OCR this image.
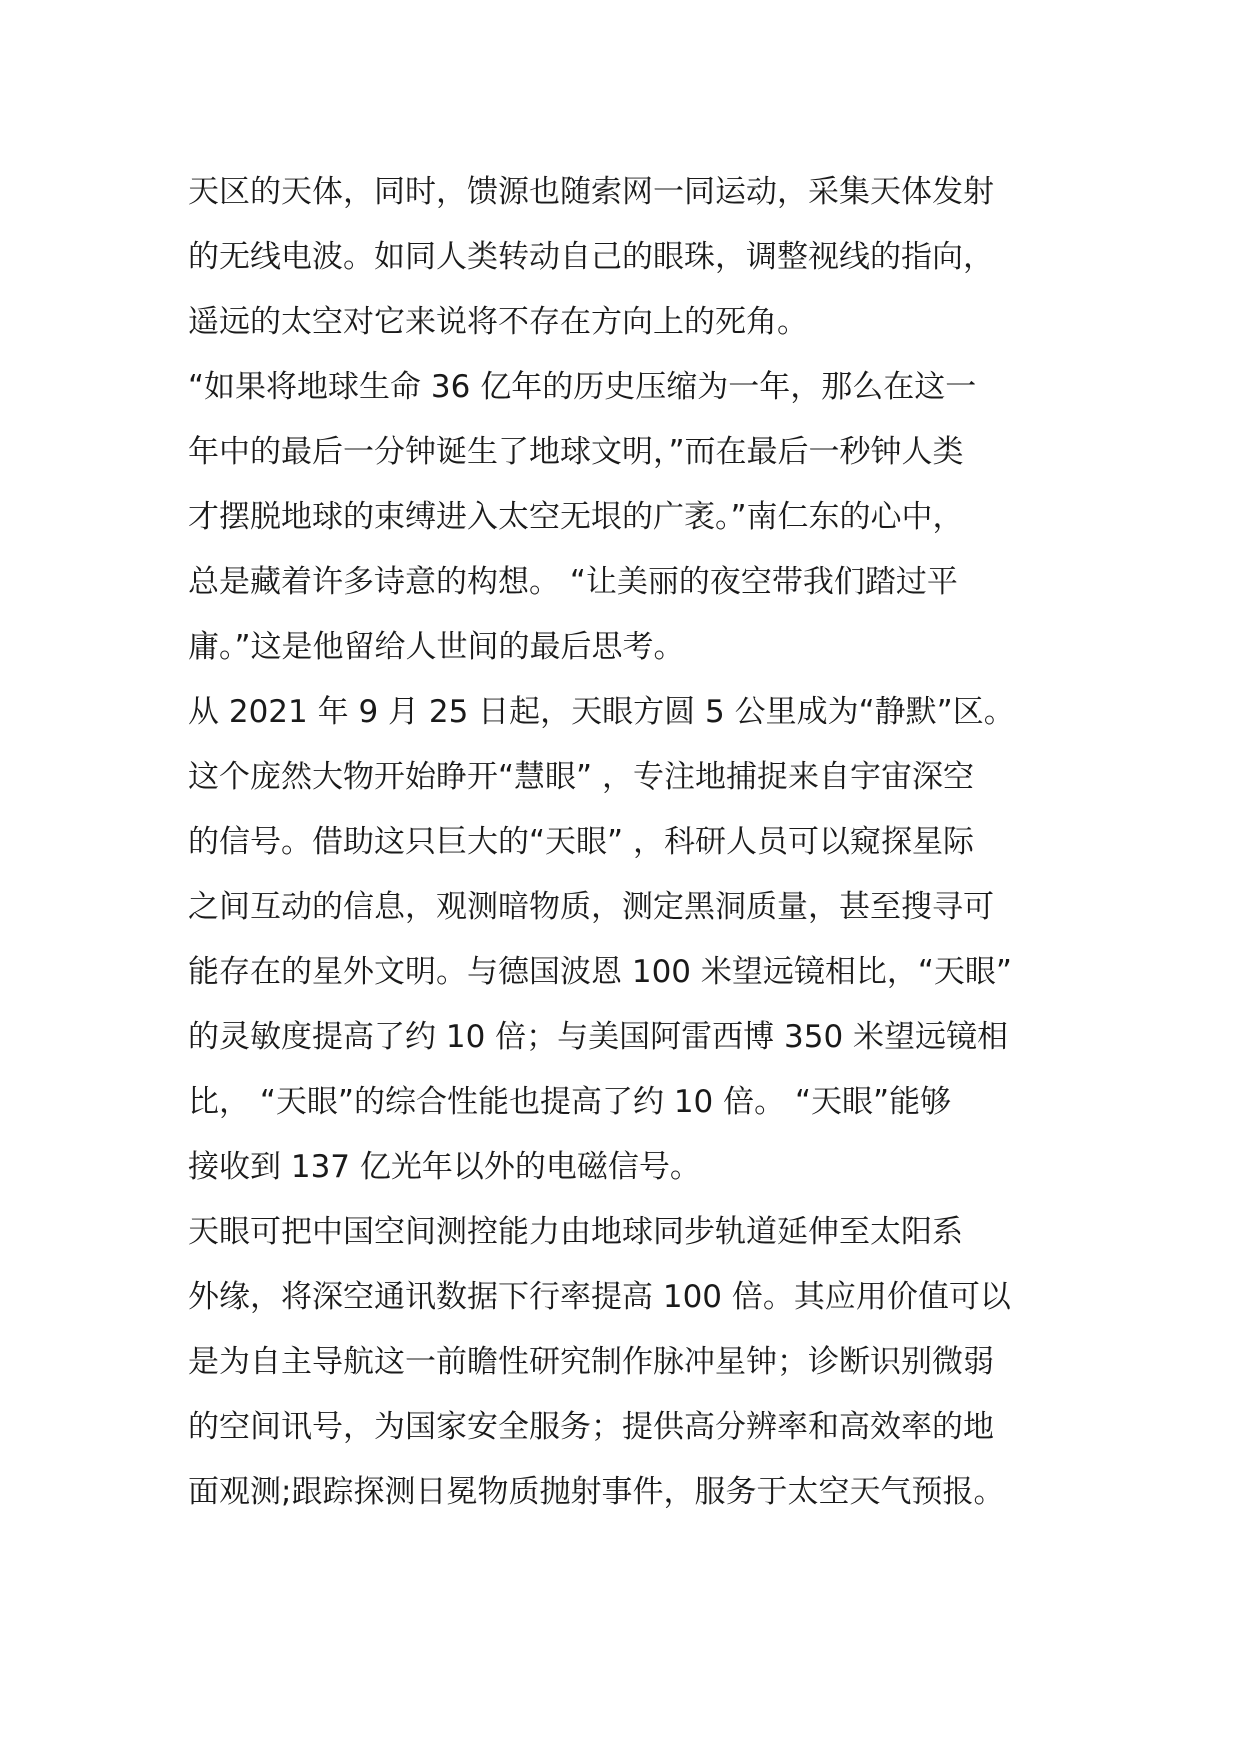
天区的天体，同时，馈源也随索网一同运动，采集天体发射
的无线电波。如同人类转动自己的眼珠，调整视线的指向，
遥远的太空对它来说将不存在方向上的死角。
“如果将地球生命 36 亿年的历史压缩为一年，那么在这一
年中的最后一分钟诞生了地球文明，”而在最后一秒钟人类
才摆脱地球的束缚进入太空无垠的广袤。”南仁东的心中，
总是藏着许多诗意的构想。 “让美丽的夜空带我们踏过平
庸。”这是他留给人世间的最后思考。
从 2021 年 9 月 25 日起，天眼方圆 5 公里成为“静默”区。
这个庞然大物开始睁开“慧眼” ，专注地捕捉来自宇宙深空
的信号。借助这只巨大的“天眼” ，科研人员可以窥探星际
之间互动的信息，观测暗物质，测定黑洞质量，甚至搜寻可
能存在的星外文明。与德国波恩 100 米望远镜相比，“天眼”
的灵敏度提高了约 10 倍；与美国阿雷西博 350 米望远镜相
比， “天眼”的综合性能也提高了约 10 倍。 “天眼”能够
接收到 137 亿光年以外的电磁信号。
天眼可把中国空间测控能力由地球同步轨道延伸至太阳系
外缘，将深空通讯数据下行率提高 100 倍。其应用价值可以
是为自主导航这一前瞻性研究制作脉冲星钟；诊断识别微弱
的空间讯号，为国家安全服务；提供高分辨率和高效率的地
面观测;跟踪探测日冕物质抛射事件，服务于太空天气预报。
